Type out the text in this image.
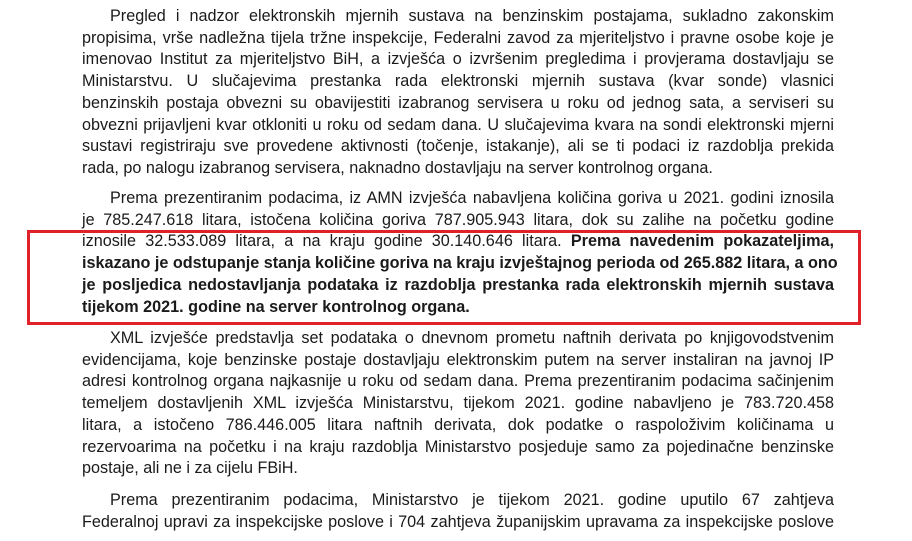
Pregled i nadzor elektronskih mjernih sustava na benzinskim postajama, sukladno zakonskim
propisima, vrše nadležna tijela tržne inspekcije, Federalni zavod za mjeriteljstvo i pravne osobe koje je
imenovao Institut za mjeriteljstvo BiH, a izvješća o izvršenim pregledima i provjerama dostavljaju se
Ministarstvu. U slučajevima prestanka rada elektronski mjernih sustava (kvar sonde) vlasnici
benzinskih postaja obvezni su obavijestiti izabranog servisera u roku od jednog sata, a serviseri su
obvezni prijavljeni kvar otkloniti u roku od sedam dana. U slučajevima kvara na sondi elektronski mjerni
sustavi registriraju sve provedene aktivnosti (točenje, istakanje), ali se ti podaci iz razdoblja prekida
rada, po nalogu izabranog servisera, naknadno dostavljaju na server kontrolnog organa.
Prema prezentiranim podacima, iz AMN izvješća nabavljena količina goriva u 2021. godini iznosila
je 785.247.618 litara, istočena količina goriva 787.905.943 litara, dok su zalihe na početku godine
iznosile 32.533.089 litara, a na kraju godine 30.140.646 litara. Prema navedenim pokazateljima,
iskazano je odstupanje stanja količine goriva na kraju izvještajnog perioda od 265.882 litara, a ono
je posljedica nedostavljanja podataka iz razdoblja prestanka rada elektronskih mjernih sustava
tijekom 2021. godine na server kontrolnog organa.
XML izvješće predstavlja set podataka o dnevnom prometu naftnih derivata po knjigovodstvenim
evidencijama, koje benzinske postaje dostavljaju elektronskim putem na server instaliran na javnoj IP
adresi kontrolnog organa najkasnije u roku od sedam dana. Prema prezentiranim podacima sačinjenim
temeljem dostavljenih XML izvješća Ministarstvu, tijekom 2021. godine nabavljeno je 783.720.458
litara, a istočeno 786.446.005 litara naftnih derivata, dok podatke o raspoloživim količinama u
rezervoarima na početku i na kraju razdoblja Ministarstvo posjeduje samo za pojedinačne benzinske
postaje, ali ne i za cijelu FBiH.
Prema prezentiranim podacima, Ministarstvo je tijekom 2021. godine uputilo 67 zahtjeva
Federalnoj upravi za inspekcijske poslove i 704 zahtjeva županijskim upravama za inspekcijske poslove
